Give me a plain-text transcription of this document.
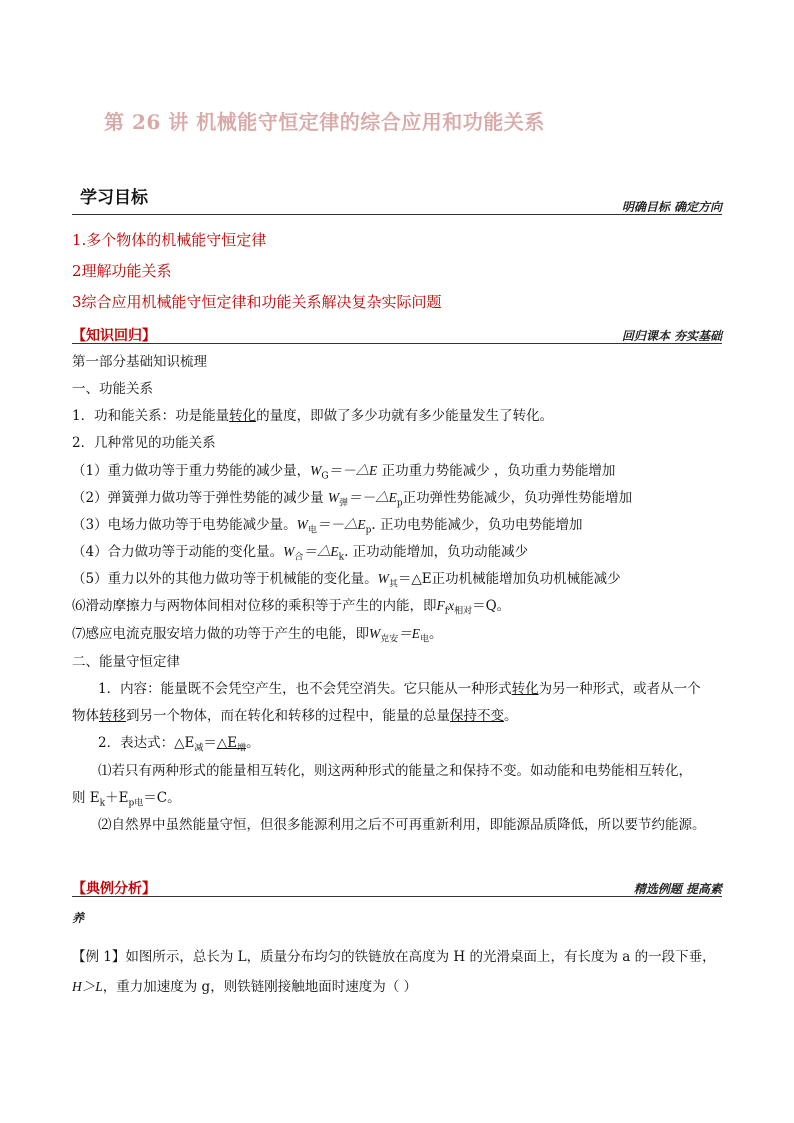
第 26 讲 机械能守恒定律的综合应用和功能关系
学习目标	明确目标 确定方向
1.多个物体的机械能守恒定律
2理解功能关系
3综合应用机械能守恒定律和功能关系解决复杂实际问题
【知识回归】	回归课本 夯实基础
第一部分基础知识梳理
一、功能关系
1．功和能关系：功是能量转化的量度，即做了多少功就有多少能量发生了转化。
2．几种常见的功能关系
（1）重力做功等于重力势能的减少量，$W_G=-\triangle E$ 正功重力势能减少 ，负功重力势能增加
（2）弹簧弹力做功等于弹性势能的减少量 $W_弹=-\triangle E_p$正功弹性势能减少，负功弹性势能增加
（3）电场力做功等于电势能减少量。$W_电=-\triangle E_p$. 正功电势能减少，负功电势能增加
（4）合力做功等于动能的变化量。$W_合=\triangle E_k$. 正功动能增加，负功动能减少
（5）重力以外的其他力做功等于机械能的变化量。$W_其=\triangle E$正功机械能增加负功机械能减少
⑹滑动摩擦力与两物体间相对位移的乘积等于产生的内能，即$F_fx_{相对}=Q$。
⑺感应电流克服安培力做的功等于产生的电能，即$W_{克安}=E_电$。
二、能量守恒定律
1．内容：能量既不会凭空产生，也不会凭空消失。它只能从一种形式转化为另一种形式，或者从一个
物体转移到另一个物体，而在转化和转移的过程中，能量的总量保持不变。
2．表达式：$\triangle E_减=\triangle E_增$。
⑴若只有两种形式的能量相互转化，则这两种形式的能量之和保持不变。如动能和电势能相互转化，
则 $E_k+E_{p电}=C$。
⑵自然界中虽然能量守恒，但很多能源利用之后不可再重新利用，即能源品质降低，所以要节约能源。
【典例分析】	精选例题 提高素
养
【例 1】如图所示，总长为 L，质量分布均匀的铁链放在高度为 H 的光滑桌面上，有长度为 a 的一段下垂，
H＞L，重力加速度为 g，则铁链刚接触地面时速度为（ ）
